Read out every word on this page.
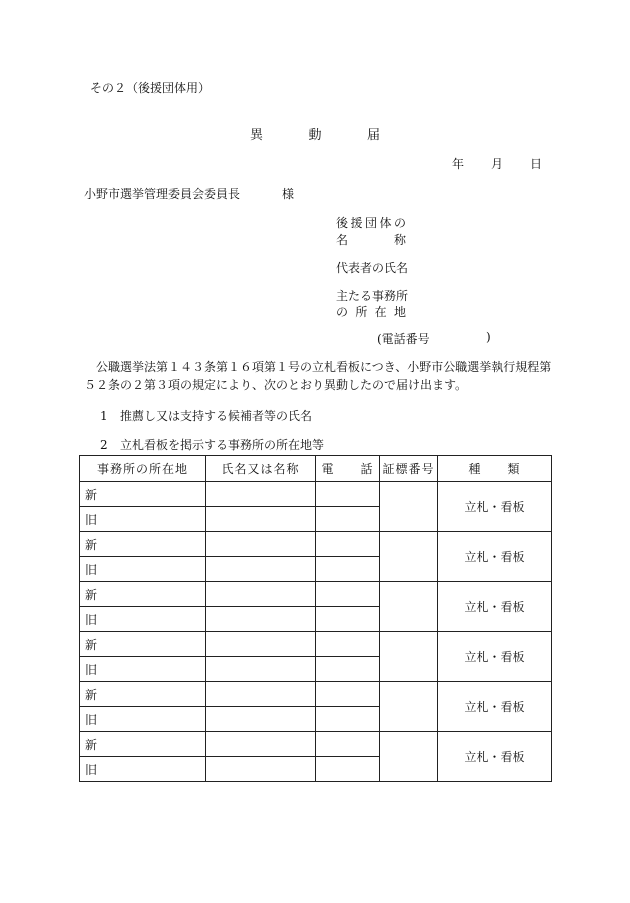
その２（後援団体用）
異	動	届
年 月 日
小野市選挙管理委員会委員長	様
後 援 団 体 の
名	称
代表者の氏名
主たる事務所
の 所 在 地
(電話番号	)

公職選挙法第１４３条第１６項第１号の立札看板につき、小野市公職選挙執行規程第

５２条の２第３項の規定により、次のとおり異動したので届け出ます。

1 推薦し又は支持する候補者等の氏名
2 立札看板を掲示する事務所の所在地等
事務所の所在地	氏名又は名称	電　　話	証標番号	種　　類
新				立札・看板
旧				
新				立札・看板
旧				
新				立札・看板
旧				
新				立札・看板
旧				
新				立札・看板
旧				
新				立札・看板
旧				
